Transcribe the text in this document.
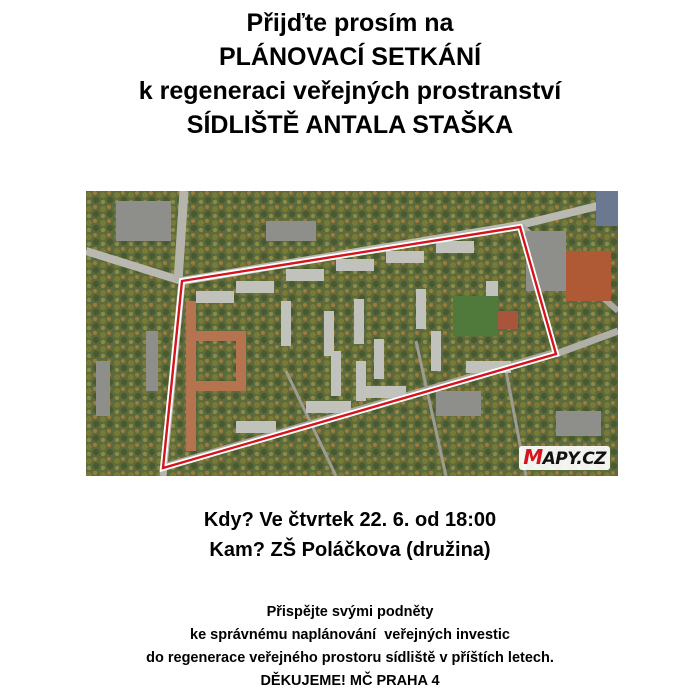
Přijďte prosím na
PLÁNOVACÍ SETKÁNÍ
k regeneraci veřejných prostranství
SÍDLIŠTĚ ANTALA STAŠKA
MAPY.CZ
Kdy? Ve čtvrtek 22. 6. od 18:00
Kam? ZŠ Poláčkova (družina)
Přispějte svými podněty
ke správnému naplánování  veřejných investic
do regenerace veřejného prostoru sídliště v příštích letech.
DĚKUJEME! MČ PRAHA 4
